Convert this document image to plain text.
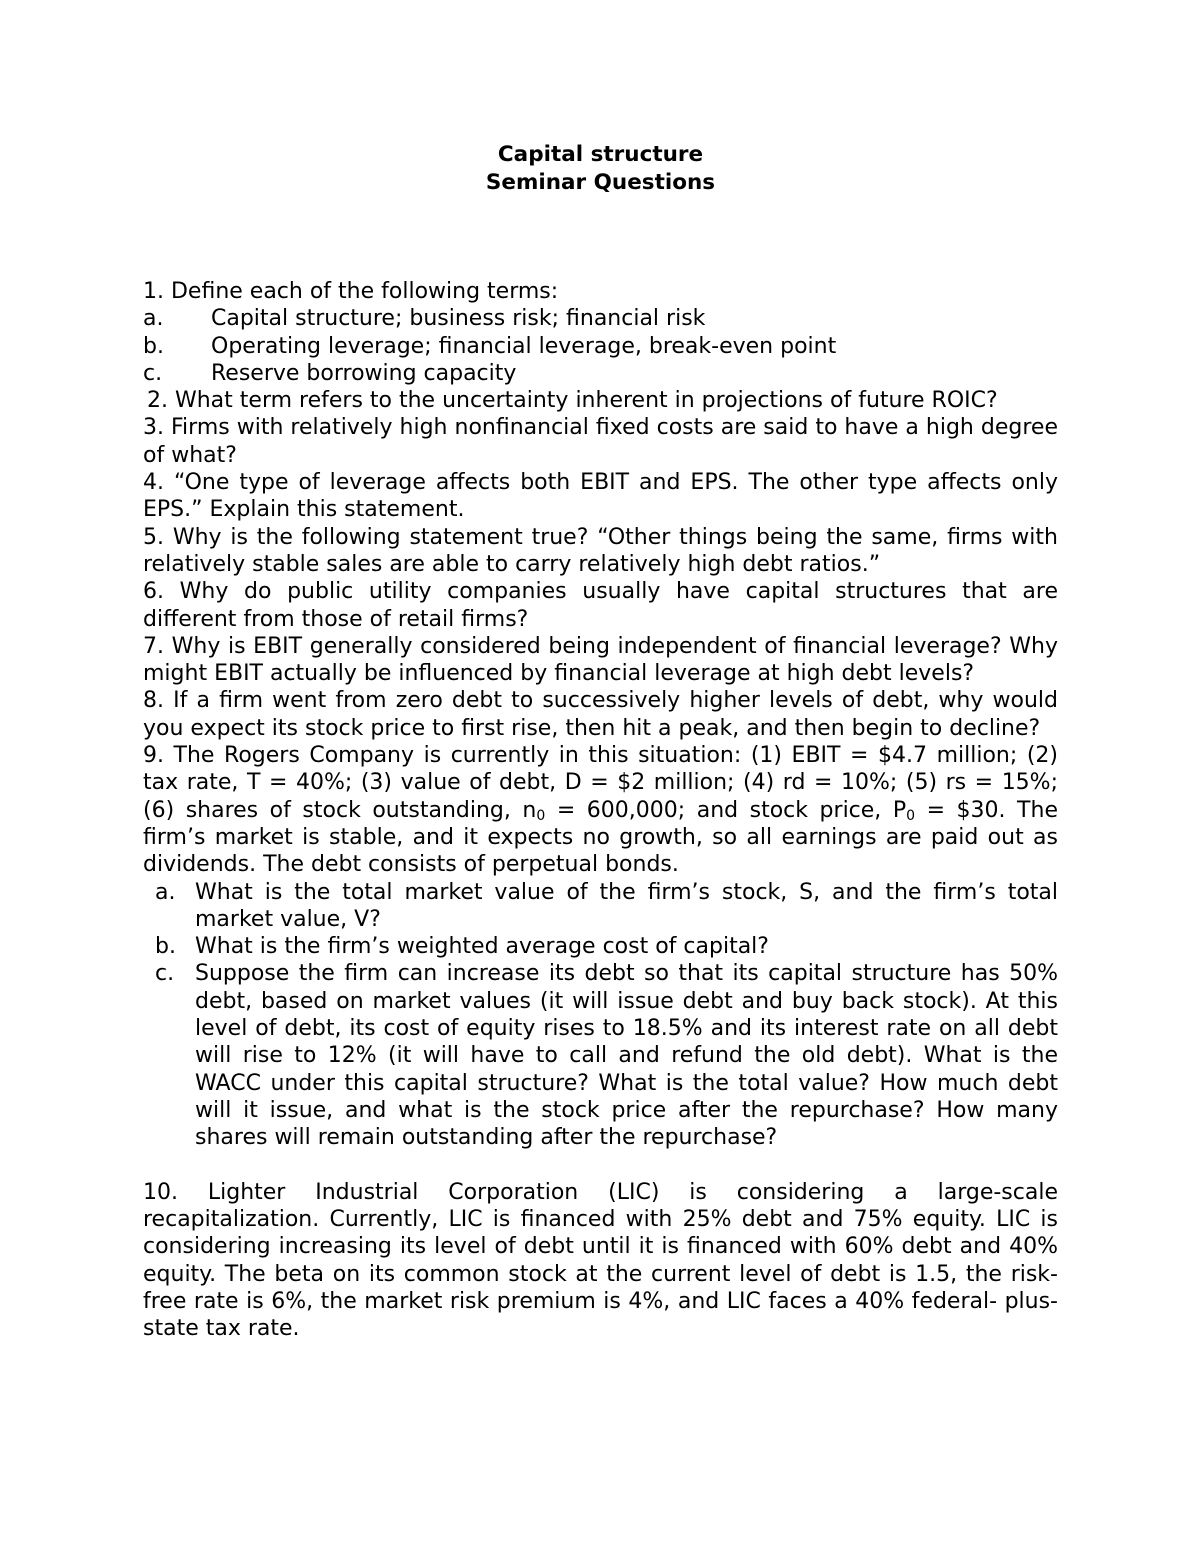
Capital structure

Seminar Questions

1. Define each of the following terms:

a.	Capital structure; business risk; financial risk
b.	Operating leverage; financial leverage, break-even point
c.	Reserve borrowing capacity

2. What term refers to the uncertainty inherent in projections of future ROIC?

3. Firms with relatively high nonfinancial fixed costs are said to have a high degree of what?

4. “One type of leverage affects both EBIT and EPS. The other type affects only EPS.” Explain this statement.

5. Why is the following statement true? “Other things being the same, firms with relatively stable sales are able to carry relatively high debt ratios.”

6. Why do public utility companies usually have capital structures that are different from those of retail firms?

7. Why is EBIT generally considered being independent of financial leverage? Why might EBIT actually be influenced by financial leverage at high debt levels?

8. If a firm went from zero debt to successively higher levels of debt, why would you expect its stock price to first rise, then hit a peak, and then begin to decline?

9. The Rogers Company is currently in this situation: (1) EBIT = $4.7 million; (2) tax rate, T = 40%; (3) value of debt, D = $2 million; (4) rd = 10%; (5) rs = 15%; (6) shares of stock outstanding, $n_0 = 600,000$; and stock price, $P_0$ = $30. The firm’s market is stable, and it expects no growth, so all earnings are paid out as dividends. The debt consists of perpetual bonds.

a. What is the total market value of the firm’s stock, S, and the firm’s total market value, V?
b. What is the firm’s weighted average cost of capital?
c. Suppose the firm can increase its debt so that its capital structure has 50% debt, based on market values (it will issue debt and buy back stock). At this level of debt, its cost of equity rises to 18.5% and its interest rate on all debt will rise to 12% (it will have to call and refund the old debt). What is the WACC under this capital structure? What is the total value? How much debt will it issue, and what is the stock price after the repurchase? How many shares will remain outstanding after the repurchase?

10. Lighter Industrial Corporation (LIC) is considering a large-scale recapitalization. Currently, LIC is financed with 25% debt and 75% equity. LIC is considering increasing its level of debt until it is financed with 60% debt and 40% equity. The beta on its common stock at the current level of debt is 1.5, the risk-free rate is 6%, the market risk premium is 4%, and LIC faces a 40% federal- plus-state tax rate.
